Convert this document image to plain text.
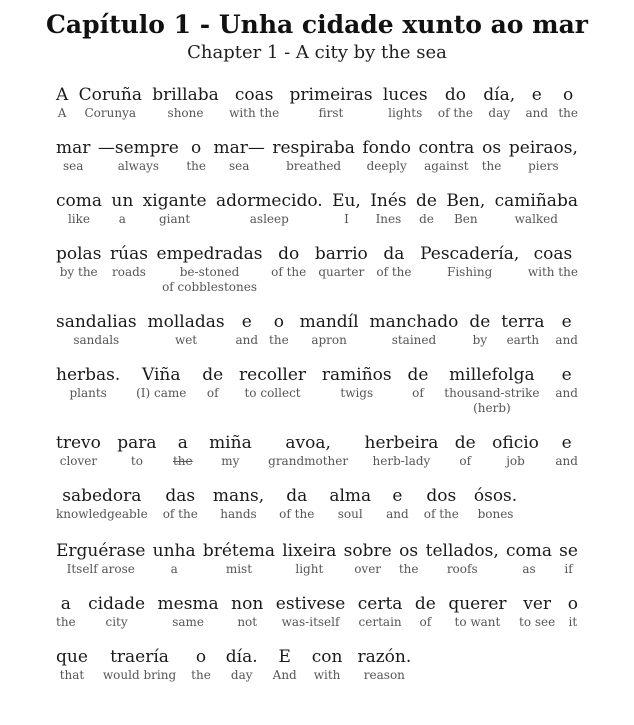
Capítulo 1 - Unha cidade xunto ao mar
Chapter 1 - A city by the sea
A
A
Coruña
Corunya
brillaba
shone
coas
with the
primeiras
first
luces
lights
do
of the
día,
day
e
and
o
the
mar
sea
—sempre
always
o
the
mar—
sea
respiraba
breathed
fondo
deeply
contra
against
os
the
peiraos,
piers
coma
like
un
a
xigante
giant
adormecido.
asleep
Eu,
I
Inés
Ines
de
de
Ben,
Ben
camiñaba
walked
polas
by the
rúas
roads
empedradas
be-stoned
of cobblestones
do
of the
barrio
quarter
da
of the
Pescadería,
Fishing
coas
with the
sandalias
sandals
molladas
wet
e
and
o
the
mandíl
apron
manchado
stained
de
by
terra
earth
e
and
herbas.
plants
Viña
(I) came
de
of
recoller
to collect
ramiños
twigs
de
of
millefolga
thousand-strike
(herb)
e
and
trevo
clover
para
to
a
the
miña
my
avoa,
grandmother
herbeira
herb-lady
de
of
oficio
job
e
and
sabedora
knowledgeable
das
of the
mans,
hands
da
of the
alma
soul
e
and
dos
of the
ósos.
bones
Erguérase
Itself arose
unha
a
brétema
mist
lixeira
light
sobre
over
os
the
tellados,
roofs
coma
as
se
if
a
the
cidade
city
mesma
same
non
not
estivese
was-itself
certa
certain
de
of
querer
to want
ver
to see
o
it
que
that
traería
would bring
o
the
día.
day
E
And
con
with
razón.
reason
